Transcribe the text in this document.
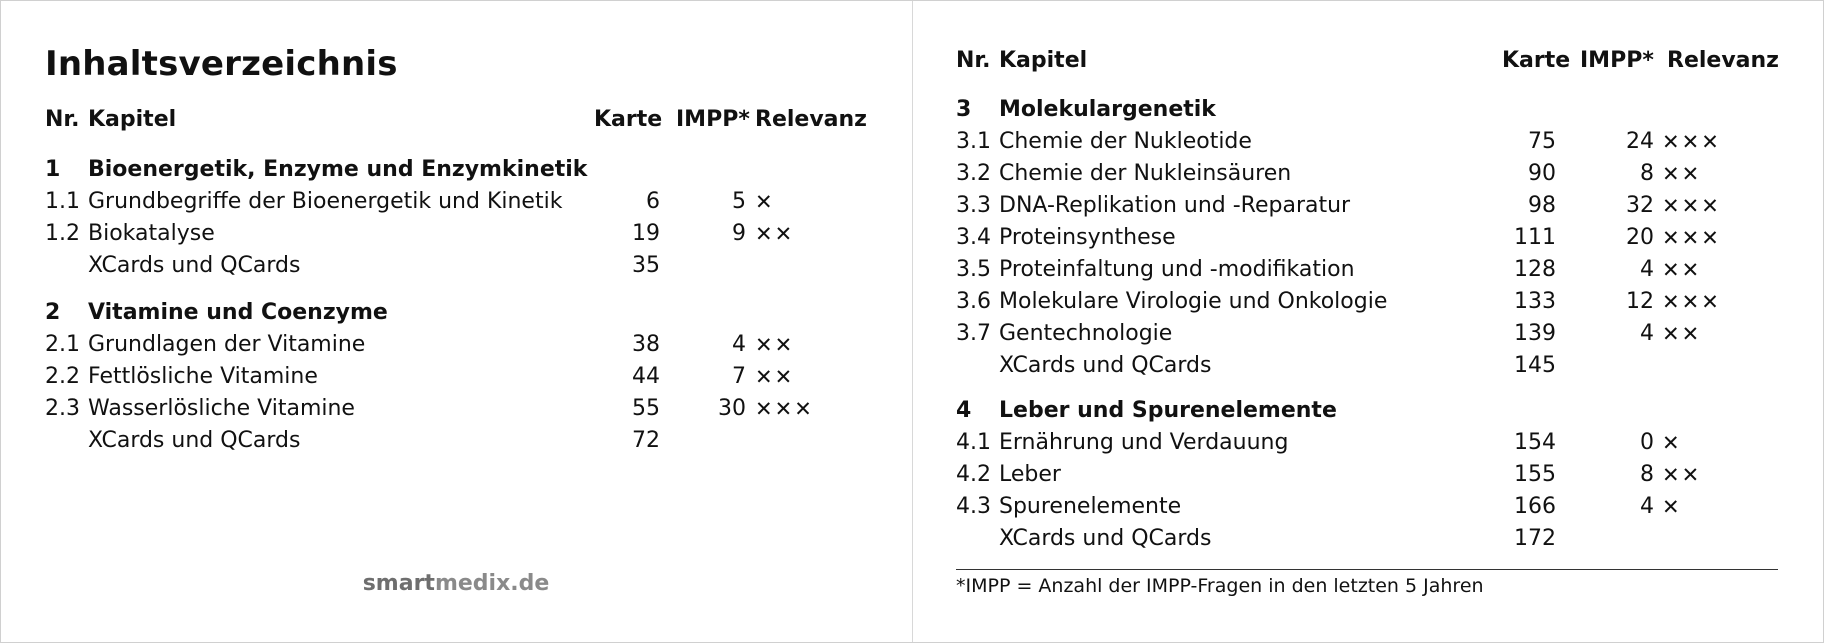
Inhaltsverzeichnis
Nr. Kapitel	Karte IMPP* Relevanz
1 Bioenergetik, Enzyme und Enzymkinetik
1.1 Grundbegriffe der Bioenergetik und Kinetik	6	5 ✕
1.2 Biokatalyse	19	9 ✕✕
XCards und QCards	35
2 Vitamine und Coenzyme
2.1 Grundlagen der Vitamine	38	4 ✕✕
2.2 Fettlösliche Vitamine	44	7 ✕✕
2.3 Wasserlösliche Vitamine	55	30 ✕✕✕
XCards und QCards	72
smartmedix.de
Nr. Kapitel	Karte IMPP* Relevanz
3 Molekulargenetik
3.1 Chemie der Nukleotide	75	24 ✕✕✕
3.2 Chemie der Nukleinsäuren	90	8 ✕✕
3.3 DNA-Replikation und -Reparatur	98	32 ✕✕✕
3.4 Proteinsynthese	111	20 ✕✕✕
3.5 Proteinfaltung und -modifikation	128	4 ✕✕
3.6 Molekulare Virologie und Onkologie	133	12 ✕✕✕
3.7 Gentechnologie	139	4 ✕✕
XCards und QCards	145
4 Leber und Spurenelemente
4.1 Ernährung und Verdauung	154	0 ✕
4.2 Leber	155	8 ✕✕
4.3 Spurenelemente	166	4 ✕
XCards und QCards	172
*IMPP = Anzahl der IMPP-Fragen in den letzten 5 Jahren
